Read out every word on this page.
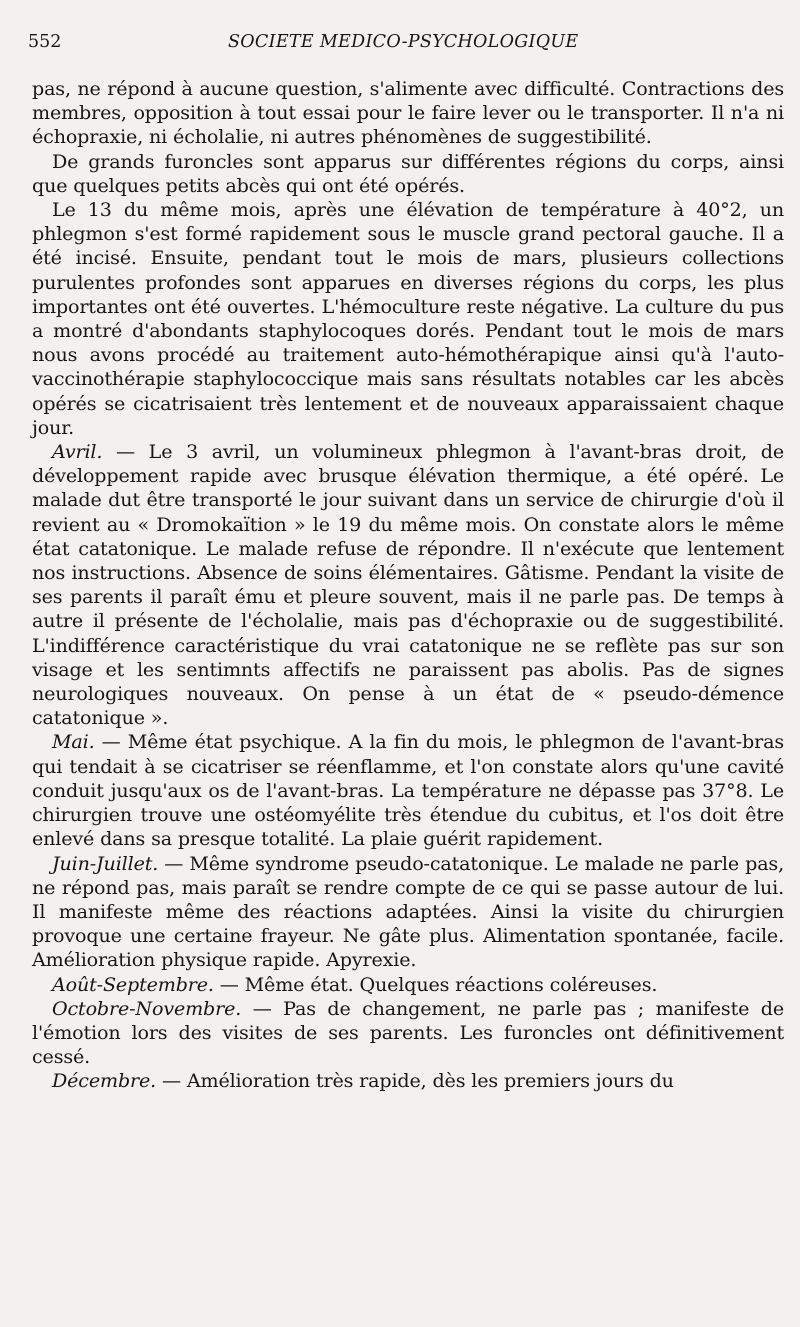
552	SOCIETE MEDICO-PSYCHOLOGIQUE

pas, ne répond à aucune question, s'alimente avec difficulté. Contractions des membres, opposition à tout essai pour le faire lever ou le transporter. Il n'a ni échopraxie, ni écholalie, ni autres phénomènes de suggestibilité.

De grands furoncles sont apparus sur différentes régions du corps, ainsi que quelques petits abcès qui ont été opérés.

Le 13 du même mois, après une élévation de température à 40°2, un phlegmon s'est formé rapidement sous le muscle grand pectoral gauche. Il a été incisé. Ensuite, pendant tout le mois de mars, plusieurs collections purulentes profondes sont apparues en diverses régions du corps, les plus importantes ont été ouvertes. L'hémoculture reste négative. La culture du pus a montré d'abondants staphylocoques dorés. Pendant tout le mois de mars nous avons procédé au traitement auto-hémothérapique ainsi qu'à l'auto-vaccinothérapie staphylococcique mais sans résultats notables car les abcès opérés se cicatrisaient très lentement et de nouveaux apparaissaient chaque jour.

Avril. — Le 3 avril, un volumineux phlegmon à l'avant-bras droit, de développement rapide avec brusque élévation thermique, a été opéré. Le malade dut être transporté le jour suivant dans un service de chirurgie d'où il revient au « Dromokaïtion » le 19 du même mois. On constate alors le même état catatonique. Le malade refuse de répondre. Il n'exécute que lentement nos instructions. Absence de soins élémentaires. Gâtisme. Pendant la visite de ses parents il paraît ému et pleure souvent, mais il ne parle pas. De temps à autre il présente de l'écholalie, mais pas d'échopraxie ou de suggestibilité. L'indifférence caractéristique du vrai catatonique ne se reflète pas sur son visage et les sentimnts affectifs ne paraissent pas abolis. Pas de signes neurologiques nouveaux. On pense à un état de « pseudo-démence catatonique ».

Mai. — Même état psychique. A la fin du mois, le phlegmon de l'avant-bras qui tendait à se cicatriser se réenflamme, et l'on constate alors qu'une cavité conduit jusqu'aux os de l'avant-bras. La température ne dépasse pas 37°8. Le chirurgien trouve une ostéomyélite très étendue du cubitus, et l'os doit être enlevé dans sa presque totalité. La plaie guérit rapidement.

Juin-Juillet. — Même syndrome pseudo-catatonique. Le malade ne parle pas, ne répond pas, mais paraît se rendre compte de ce qui se passe autour de lui. Il manifeste même des réactions adaptées. Ainsi la visite du chirurgien provoque une certaine frayeur. Ne gâte plus. Alimentation spontanée, facile. Amélioration physique rapide. Apyrexie.

Août-Septembre. — Même état. Quelques réactions coléreuses.

Octobre-Novembre. — Pas de changement, ne parle pas ; manifeste de l'émotion lors des visites de ses parents. Les furoncles ont définitivement cessé.

Décembre. — Amélioration très rapide, dès les premiers jours du
